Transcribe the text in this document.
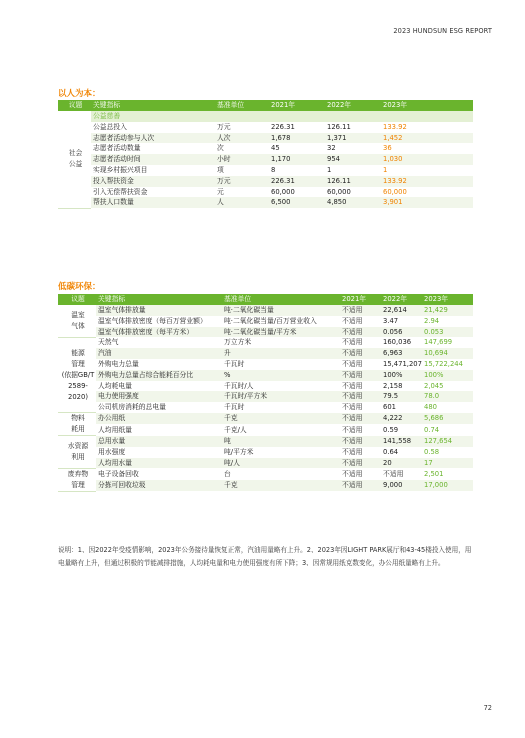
2023 HUNDSUN ESG REPORT
以人为本：
议题	关键指标	基准单位	2021年	2022年	2023年
社会
公益	公益慈善				
	公益总投入	万元	226.31	126.11	133.92
	志愿者活动参与人次	人次	1,678	1,371	1,452
	志愿者活动数量	次	45	32	36
	志愿者活动时间	小时	1,170	954	1,030
	实现乡村振兴项目	项	8	1	1
	投入帮扶资金	万元	226.31	126.11	133.92
	引入无偿帮扶资金	元	60,000	60,000	60,000
	帮扶人口数量	人	6,500	4,850	3,901
低碳环保：
议题	关键指标	基准单位	2021年	2022年	2023年
温室
气体	温室气体排放量	吨·二氧化碳当量	不适用	22,614	21,429
	温室气体排放密度（每百万营业额）	吨·二氧化碳当量/百万营业收入	不适用	3.47	2.94
	温室气体排放密度（每平方米）	吨·二氧化碳当量/平方米	不适用	0.056	0.053

能源
管理
(依据GB/T 2589-2020)	天然气	万立方米	不适用	160,036	147,699
	汽油	升	不适用	6,963	10,694
	外购电力总量	千瓦时	不适用	15,471,207	15,722,244
	外购电力总量占综合能耗百分比	%	不适用	100%	100%
	人均耗电量	千瓦时/人	不适用	2,158	2,045
	电力使用强度	千瓦时/平方米	不适用	79.5	78.0
	公司机房消耗的总电量	千瓦时	不适用	601	480
物料
耗用	办公用纸	千克	不适用	4,222	5,686
	人均用纸量	千克/人	不适用	0.59	0.74
水资源
利用	总用水量	吨	不适用	141,558	127,654
	用水强度	吨/平方米	不适用	0.64	0.58
	人均用水量	吨/人	不适用	20	17
废弃物
管理	电子设备回收	台	不适用	不适用	2,501
	分拣可回收垃圾	千克	不适用	9,000	17,000
说明：1、因2022年受疫情影响，2023年公务接待量恢复正常，汽油用量略有上升。2、2023年因LIGHT PARK展厅和43-45楼投入使用，用电量略有上升，但通过积极的节能减排措施，人均耗电量和电力使用强度有所下降；3、因常规用纸克数变化，办公用纸量略有上升。
72
